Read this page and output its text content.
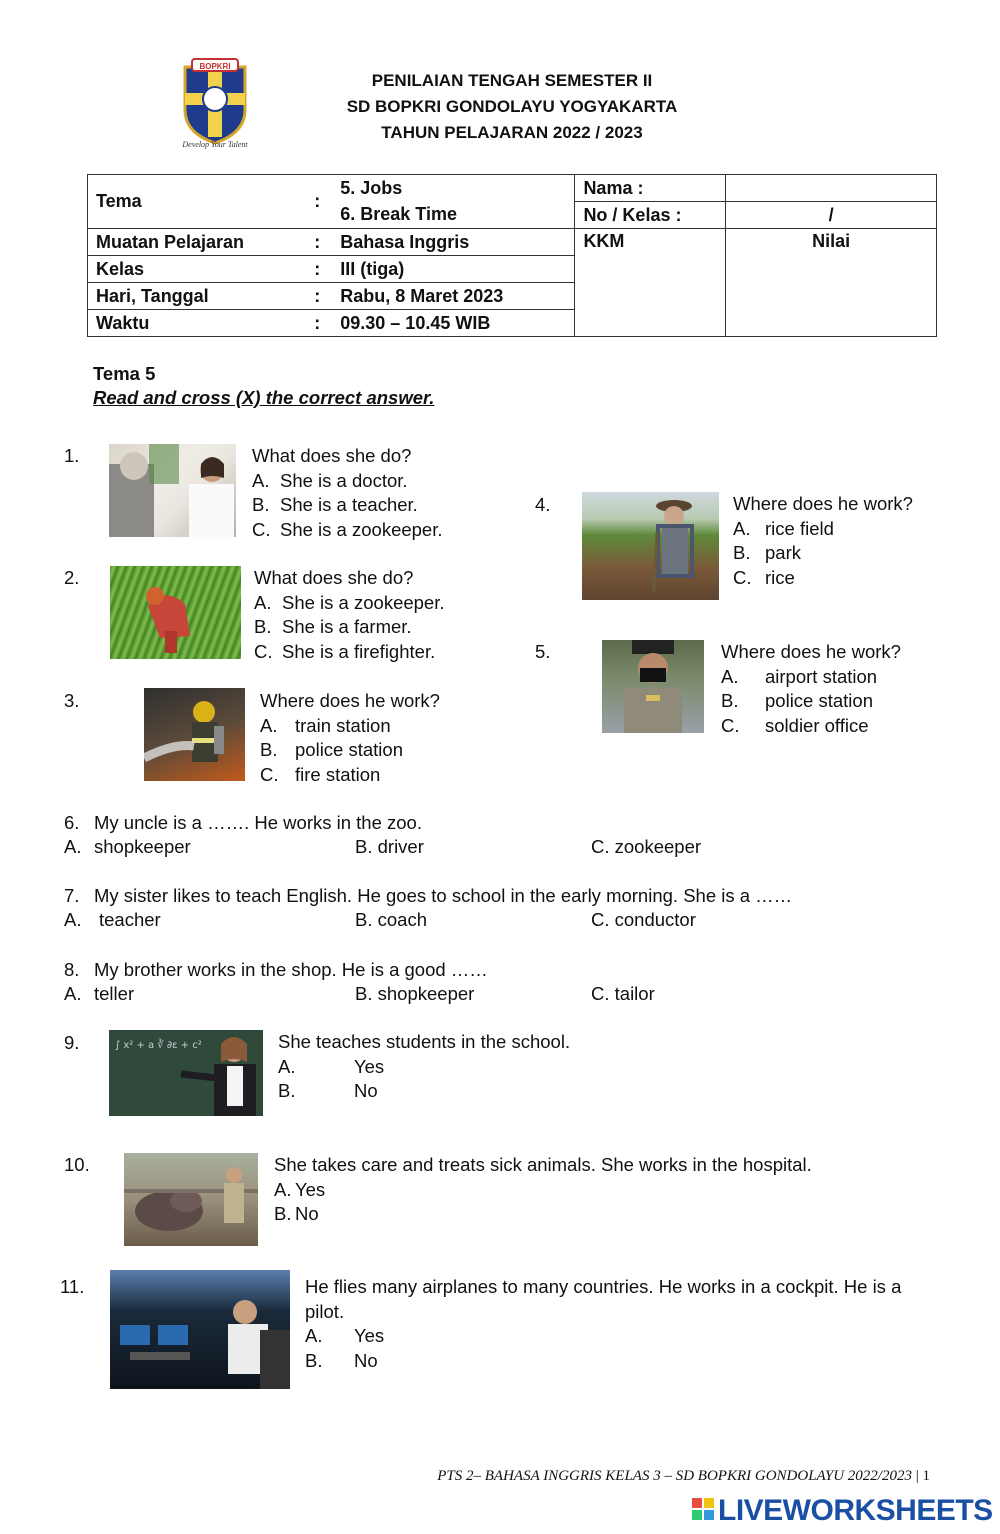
BOPKRI
Develop Your Talent
PENILAIAN TENGAH SEMESTER II
SD BOPKRI GONDOLAYU YOGYAKARTA
TAHUN PELAJARAN 2022 / 2023
Tema	:	5. Jobs	Nama :	
		6. Break Time	No / Kelas :	/
Muatan Pelajaran	:	Bahasa Inggris	KKM	Nilai
Kelas	:	III (tiga)		
Hari, Tanggal	:	Rabu, 8 Maret 2023		
Waktu	:	09.30 – 10.45 WIB		
Tema 5
Read and cross (X) the correct answer.
1.	What does she do?
A. She is a doctor.
B. She is a teacher.
C. She is a zookeeper.
2.	What does she do?
A. She is a zookeeper.
B. She is a farmer.
C. She is a firefighter.
3.	Where does he work?
A. train station
B. police station
C. fire station
4.	Where does he work?
A. rice field
B. park
C. rice
5.	Where does he work?
A. airport station
B. police station
C. soldier office
6. My uncle is a ……. He works in the zoo.
A. shopkeeper	B. driver	C. zookeeper
7. My sister likes to teach English. He goes to school in the early morning. She is a ……
A. teacher	B. coach	C. conductor
8. My brother works in the shop. He is a good ……
A. teller	B. shopkeeper	C. tailor
9.	∫ x² + a ∛ ∂ε + c²	She teaches students in the school.
A.	Yes
B.	No
10.	She takes care and treats sick animals. She works in the hospital.
A. Yes
B. No
11.	He flies many airplanes to many countries. He works in a cockpit. He is a
pilot.
A. Yes
B. No
PTS 2– BAHASA INGGRIS KELAS 3 – SD BOPKRI GONDOLAYU 2022/2023 | 1
LIVEWORKSHEETS
